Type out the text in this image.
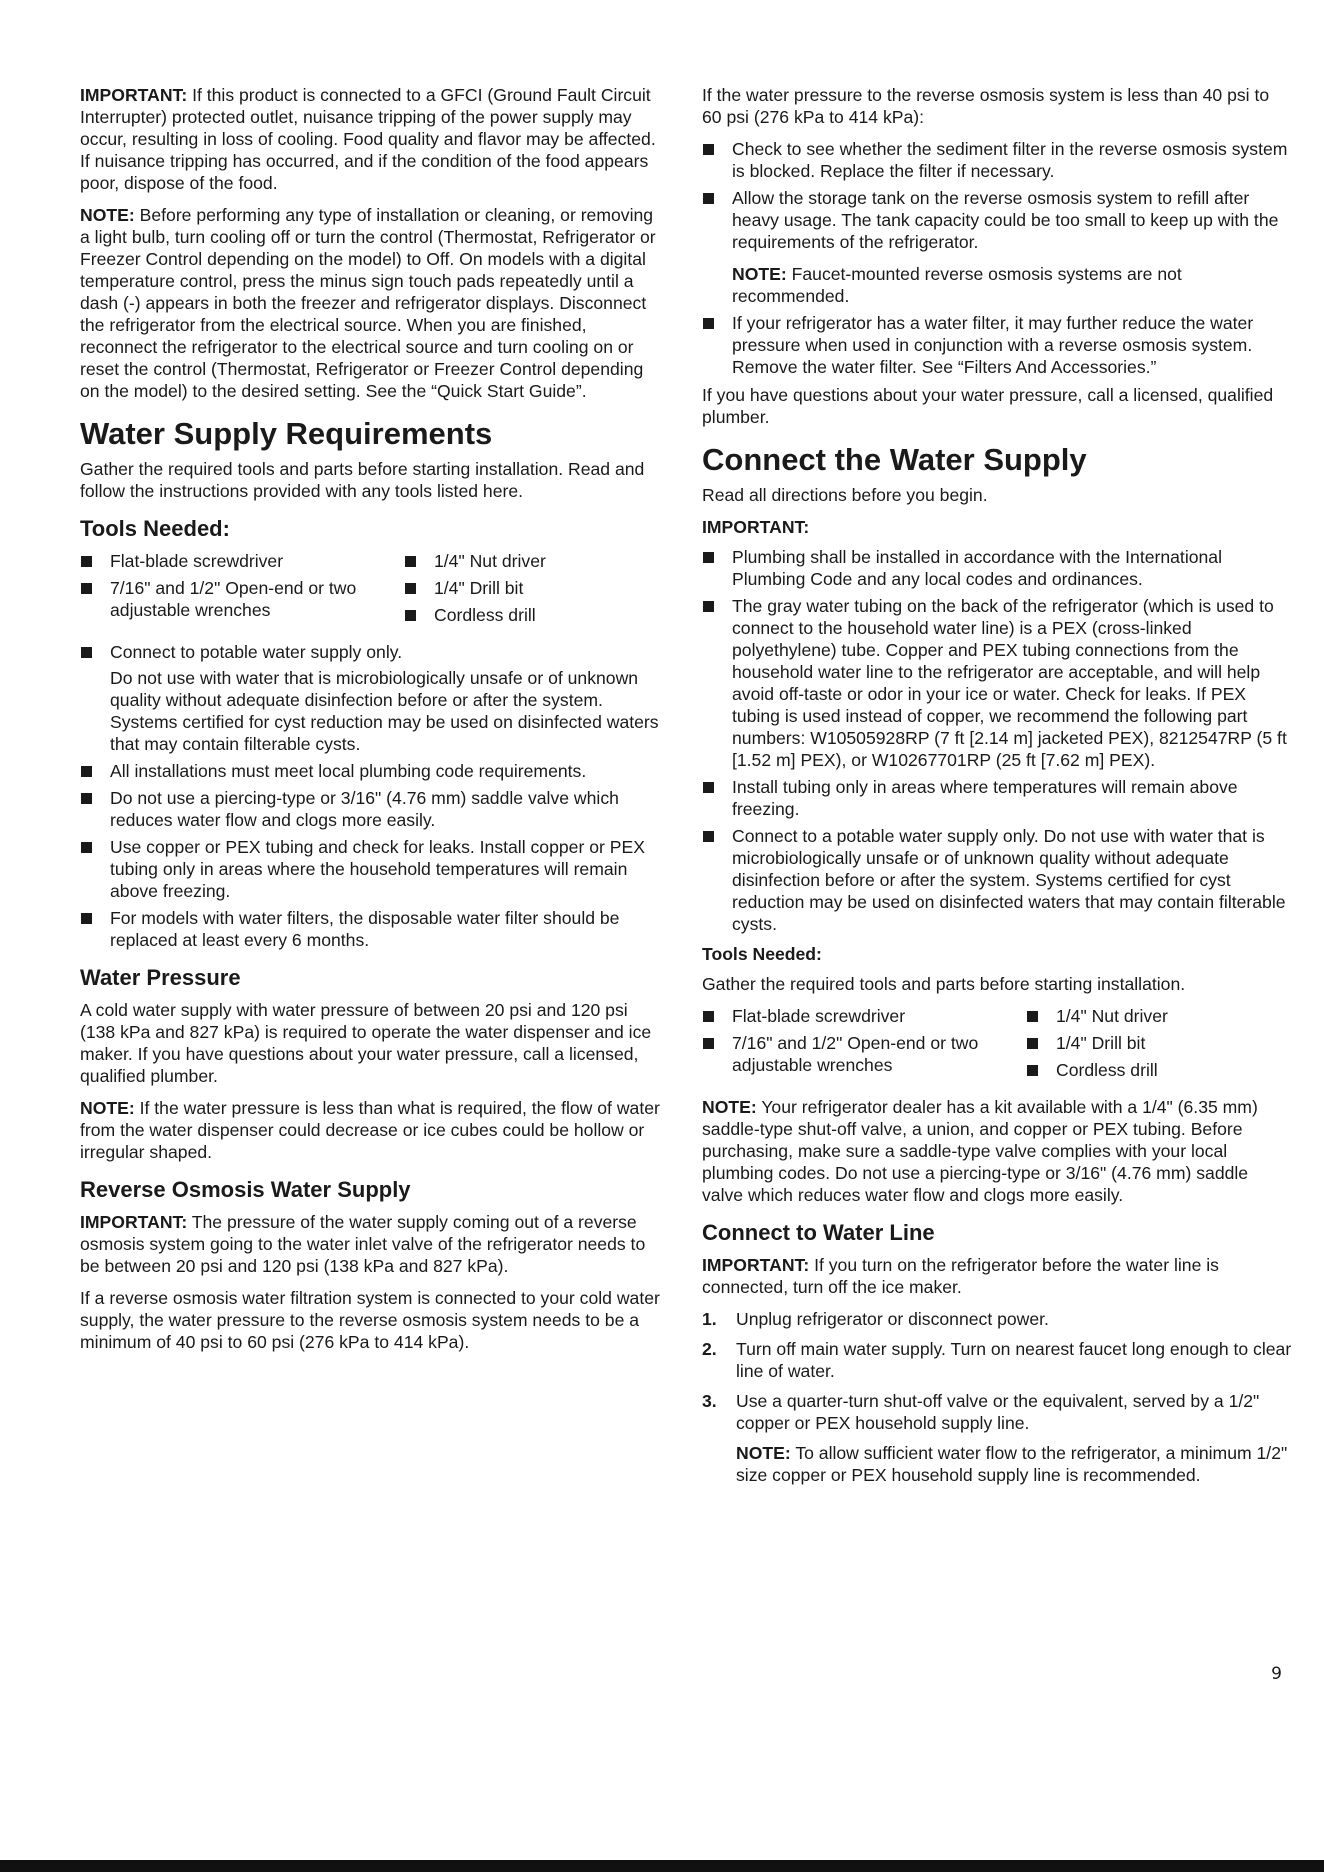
IMPORTANT: If this product is connected to a GFCI (Ground Fault Circuit Interrupter) protected outlet, nuisance tripping of the power supply may occur, resulting in loss of cooling. Food quality and flavor may be affected. If nuisance tripping has occurred, and if the condition of the food appears poor, dispose of the food.

NOTE: Before performing any type of installation or cleaning, or removing a light bulb, turn cooling off or turn the control (Thermostat, Refrigerator or Freezer Control depending on the model) to Off. On models with a digital temperature control, press the minus sign touch pads repeatedly until a dash (-) appears in both the freezer and refrigerator displays. Disconnect the refrigerator from the electrical source. When you are finished, reconnect the refrigerator to the electrical source and turn cooling on or reset the control (Thermostat, Refrigerator or Freezer Control depending on the model) to the desired setting. See the “Quick Start Guide”.

Water Supply Requirements

Gather the required tools and parts before starting installation. Read and follow the instructions provided with any tools listed here.

Tools Needed:
Flat-blade screwdriver
7/16" and 1/2" Open-end or two adjustable wrenches
1/4" Nut driver
1/4" Drill bit
Cordless drill
Connect to potable water supply only.

Do not use with water that is microbiologically unsafe or of unknown quality without adequate disinfection before or after the system. Systems certified for cyst reduction may be used on disinfected waters that may contain filterable cysts.

All installations must meet local plumbing code requirements.
Do not use a piercing-type or 3/16" (4.76 mm) saddle valve which reduces water flow and clogs more easily.
Use copper or PEX tubing and check for leaks. Install copper or PEX tubing only in areas where the household temperatures will remain above freezing.
For models with water filters, the disposable water filter should be replaced at least every 6 months.
Water Pressure

A cold water supply with water pressure of between 20 psi and 120 psi (138 kPa and 827 kPa) is required to operate the water dispenser and ice maker. If you have questions about your water pressure, call a licensed, qualified plumber.

NOTE: If the water pressure is less than what is required, the flow of water from the water dispenser could decrease or ice cubes could be hollow or irregular shaped.

Reverse Osmosis Water Supply

IMPORTANT: The pressure of the water supply coming out of a reverse osmosis system going to the water inlet valve of the refrigerator needs to be between 20 psi and 120 psi (138 kPa and 827 kPa).

If a reverse osmosis water filtration system is connected to your cold water supply, the water pressure to the reverse osmosis system needs to be a minimum of 40 psi to 60 psi (276 kPa to 414 kPa).

If the water pressure to the reverse osmosis system is less than 40 psi to 60 psi (276 kPa to 414 kPa):

Check to see whether the sediment filter in the reverse osmosis system is blocked. Replace the filter if necessary.
Allow the storage tank on the reverse osmosis system to refill after heavy usage. The tank capacity could be too small to keep up with the requirements of the refrigerator.

NOTE: Faucet-mounted reverse osmosis systems are not recommended.

If your refrigerator has a water filter, it may further reduce the water pressure when used in conjunction with a reverse osmosis system. Remove the water filter. See “Filters And Accessories.”

If you have questions about your water pressure, call a licensed, qualified plumber.

Connect the Water Supply

Read all directions before you begin.

IMPORTANT:
Plumbing shall be installed in accordance with the International Plumbing Code and any local codes and ordinances.
The gray water tubing on the back of the refrigerator (which is used to connect to the household water line) is a PEX (cross-linked polyethylene) tube. Copper and PEX tubing connections from the household water line to the refrigerator are acceptable, and will help avoid off-taste or odor in your ice or water. Check for leaks. If PEX tubing is used instead of copper, we recommend the following part numbers: W10505928RP (7 ft [2.14 m] jacketed PEX), 8212547RP (5 ft [1.52 m] PEX), or W10267701RP (25 ft [7.62 m] PEX).
Install tubing only in areas where temperatures will remain above freezing.
Connect to a potable water supply only. Do not use with water that is microbiologically unsafe or of unknown quality without adequate disinfection before or after the system. Systems certified for cyst reduction may be used on disinfected waters that may contain filterable cysts.
Tools Needed:

Gather the required tools and parts before starting installation.

Flat-blade screwdriver
7/16" and 1/2" Open-end or two adjustable wrenches
1/4" Nut driver
1/4" Drill bit
Cordless drill

NOTE: Your refrigerator dealer has a kit available with a 1/4" (6.35 mm) saddle-type shut-off valve, a union, and copper or PEX tubing. Before purchasing, make sure a saddle-type valve complies with your local plumbing codes. Do not use a piercing-type or 3/16" (4.76 mm) saddle valve which reduces water flow and clogs more easily.

Connect to Water Line

IMPORTANT: If you turn on the refrigerator before the water line is connected, turn off the ice maker.

1. Unplug refrigerator or disconnect power.
2. Turn off main water supply. Turn on nearest faucet long enough to clear line of water.
3. Use a quarter-turn shut-off valve or the equivalent, served by a 1/2" copper or PEX household supply line.

NOTE: To allow sufficient water flow to the refrigerator, a minimum 1/2" size copper or PEX household supply line is recommended.

9
